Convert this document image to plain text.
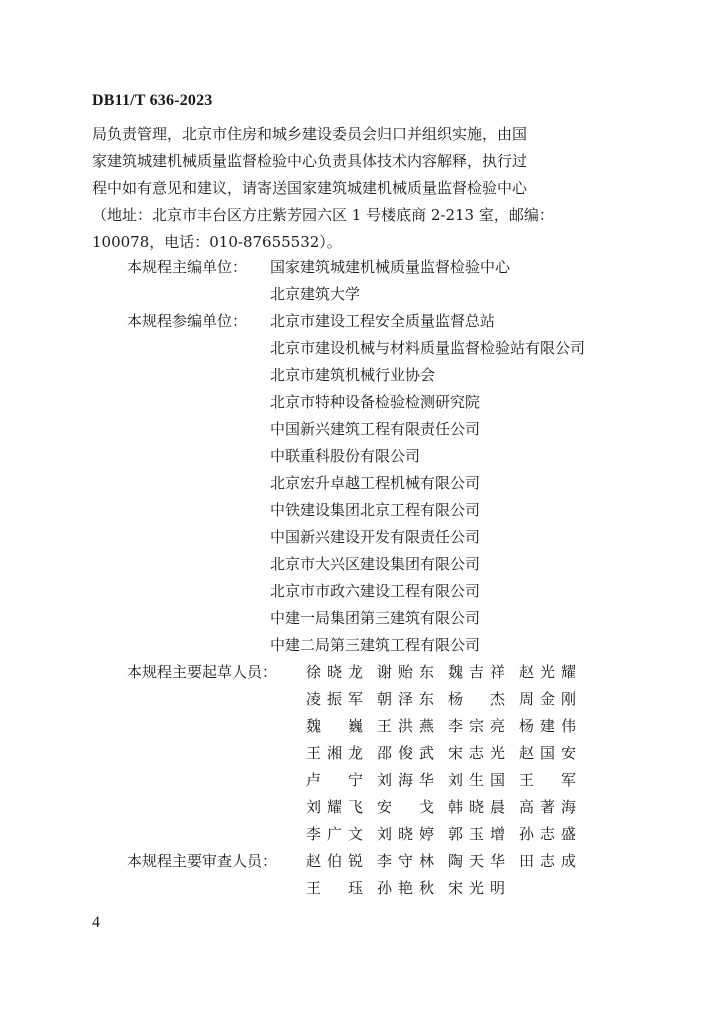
DB11/T 636-2023

局负责管理，北京市住房和城乡建设委员会归口并组织实施，由国

家建筑城建机械质量监督检验中心负责具体技术内容解释，执行过

程中如有意见和建议，请寄送国家建筑城建机械质量监督检验中心

（地址：北京市丰台区方庄紫芳园六区 1 号楼底商 2-213 室，邮编：

100078，电话：010-87655532）。

本规程主编单位： 国家建筑城建机械质量监督检验中心
北京建筑大学
本规程参编单位： 北京市建设工程安全质量监督总站
北京市建设机械与材料质量监督检验站有限公司
北京市建筑机械行业协会
北京市特种设备检验检测研究院
中国新兴建筑工程有限责任公司
中联重科股份有限公司
北京宏升卓越工程机械有限公司
中铁建设集团北京工程有限公司
中国新兴建设开发有限责任公司
北京市大兴区建设集团有限公司
北京市市政六建设工程有限公司
中建一局集团第三建筑有限公司
中建二局第三建筑工程有限公司
本规程主要起草人员： 徐晓龙 谢贻东 魏吉祥 赵光耀
凌振军 朝泽东 杨　杰 周金刚
魏　巍 王洪燕 李宗亮 杨建伟
王湘龙 邵俊武 宋志光 赵国安
卢　宁 刘海华 刘生国 王　军
刘耀飞 安　戈 韩晓晨 高著海
李广文 刘晓婷 郭玉增 孙志盛
本规程主要审查人员： 赵伯锐 李守林 陶天华 田志成
王　珏 孙艳秋 宋光明
4
